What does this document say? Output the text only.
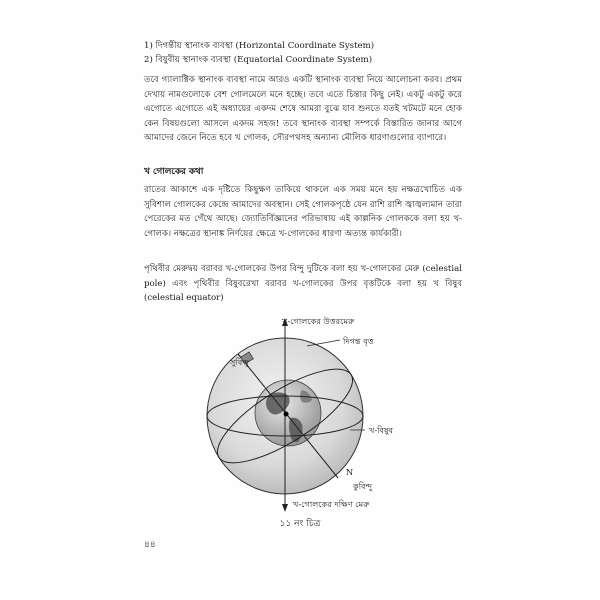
1) দিগন্তীয় স্থানাংক ব্যবস্থা (Horizontal Coordinate System)
2) বিষুবীয় স্থানাংক ব্যবস্থা (Equatorial Coordinate System)
তবে গ্যালাক্টিক স্থানাংক ব্যবস্থা নামে আরও একটি স্থানাংক ব্যবস্থা নিয়ে আলোচনা করব। প্রথম দেখায় নামগুলোকে বেশ গোলমেলে মনে হচ্ছে। তবে এতে চিন্তার কিছু নেই। একটু একটু করে এগোতে এগোতে এই অধ্যায়ের একদম শেষে আমরা বুঝে যাব শুনতে যতই খটমটে মনে হোক কেন বিষয়গুলো আসলে একদম সহজ! তবে স্থানাংক ব্যবস্থা সম্পর্কে বিস্তারিত জানার আগে আমাদের জেনে নিতে হবে খ গোলক, সৌরপথসহ অন্যান্য মৌলিক ধারণাগুলোর ব্যাপারে।
খ গোলকের কথা
রাতের আকাশে এক দৃষ্টিতে কিছুক্ষণ তাকিয়ে থাকলে এক সময় মনে হয় নক্ষত্রখোচিত এক সুবিশাল গোলকের কেন্দ্রে আমাদের অবস্থান। সেই গোলকপৃষ্ঠে যেন রাশি রাশি জ্বাজ্বল্যমান তারা পেরেকের মত গেঁথে আছে। জ্যোতির্বিজ্ঞানের পরিভাষায় এই কাল্পনিক গোলককে বলা হয় খ-গোলক। নক্ষত্রের স্থানাঙ্ক নির্ণয়ের ক্ষেত্রে খ-গোলকের ধারণা অত্যন্ত কার্যকারী।
পৃথিবীর মেরুদ্বয় বরাবর খ-গোলকের উপর বিন্দু দুটিকে বলা হয় খ-গোলকের মেরু (celestial pole) এবং পৃথিবীর বিষুবরেখা বরাবর খ-গোলকের উপর বৃত্তটিকে বলা হয় খ বিষুব (celestial equator)
খ-গোলকের উত্তরমেরু
দিগন্ত বৃত্ত
সুবিন্দু
খ-বিষুব
N
কুবিন্দু
খ-গোলকের দক্ষিণ মেরু
১১ নং চিত্র
৪৪
